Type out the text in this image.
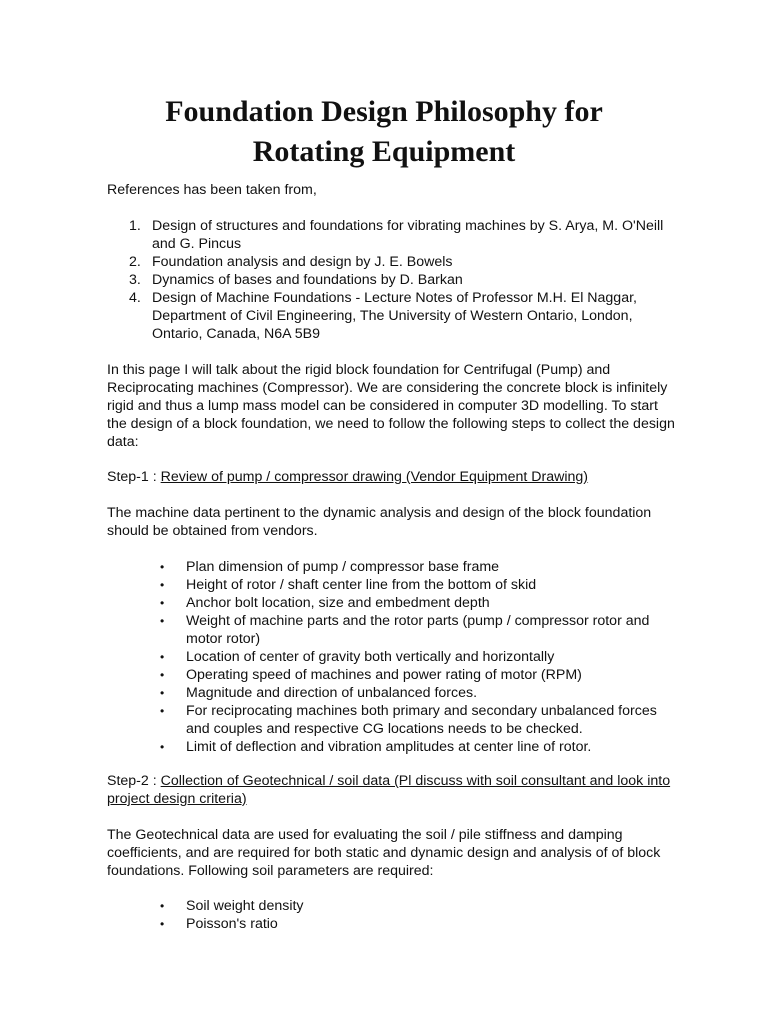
Foundation Design Philosophy for
Rotating Equipment
References has been taken from,
1. Design of structures and foundations for vibrating machines by S. Arya, M. O'Neill and G. Pincus
2. Foundation analysis and design by J. E. Bowels
3. Dynamics of bases and foundations by D. Barkan
4. Design of Machine Foundations - Lecture Notes of Professor M.H. El Naggar, Department of Civil Engineering, The University of Western Ontario, London, Ontario, Canada, N6A 5B9
In this page I will talk about the rigid block foundation for Centrifugal (Pump) and Reciprocating machines (Compressor). We are considering the concrete block is infinitely rigid and thus a lump mass model can be considered in computer 3D modelling. To start the design of a block foundation, we need to follow the following steps to collect the design data:
Step-1 : Review of pump / compressor drawing (Vendor Equipment Drawing)
The machine data pertinent to the dynamic analysis and design of the block foundation should be obtained from vendors.
• Plan dimension of pump / compressor base frame
• Height of rotor / shaft center line from the bottom of skid
• Anchor bolt location, size and embedment depth
• Weight of machine parts and the rotor parts (pump / compressor rotor and motor rotor)
• Location of center of gravity both vertically and horizontally
• Operating speed of machines and power rating of motor (RPM)
• Magnitude and direction of unbalanced forces.
• For reciprocating machines both primary and secondary unbalanced forces and couples and respective CG locations needs to be checked.
• Limit of deflection and vibration amplitudes at center line of rotor.
Step-2 : Collection of Geotechnical / soil data (Pl discuss with soil consultant and look into project design criteria)
The Geotechnical data are used for evaluating the soil / pile stiffness and damping coefficients, and are required for both static and dynamic design and analysis of of block foundations. Following soil parameters are required:
• Soil weight density
• Poisson's ratio
